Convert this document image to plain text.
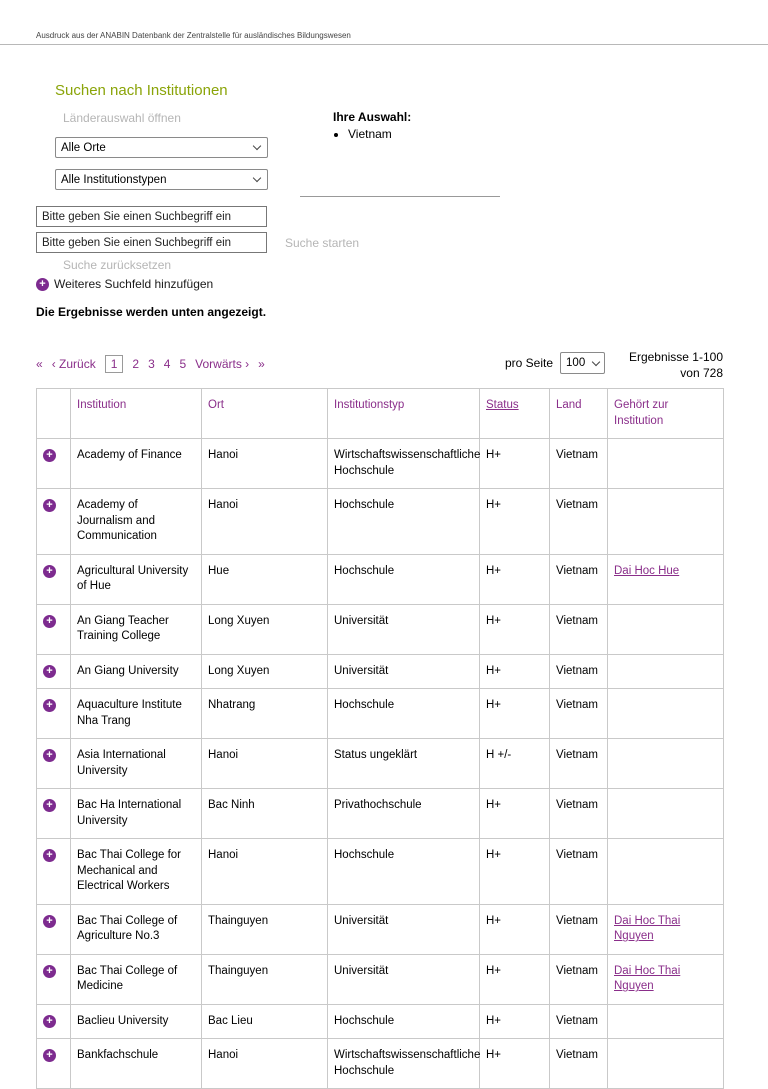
Ausdruck aus der ANABIN Datenbank der Zentralstelle für ausländisches Bildungswesen
Suchen nach Institutionen
Länderauswahl öffnen
Alle Orte
Alle Institutionstypen
Ihre Auswahl:
• Vietnam
Bitte geben Sie einen Suchbegriff ein
Bitte geben Sie einen Suchbegriff ein
Suche starten
Suche zurücksetzen
+ Weiteres Suchfeld hinzufügen
Die Ergebnisse werden unten angezeigt.
« ‹ Zurück	1	2 3 4 5 Vorwärts › »	pro Seite 100	Ergebnisse 1-100 von 728
	Institution	Ort	Institutionstyp	Status	Land	Gehört zur Institution
+	Academy of Finance	Hanoi	Wirtschaftswissenschaftliche Hochschule	H+	Vietnam	
+	Academy of Journalism and Communication	Hanoi	Hochschule	H+	Vietnam	
+	Agricultural University of Hue	Hue	Hochschule	H+	Vietnam	Dai Hoc Hue
+	An Giang Teacher Training College	Long Xuyen	Universität	H+	Vietnam	
+	An Giang University	Long Xuyen	Universität	H+	Vietnam	
+	Aquaculture Institute Nha Trang	Nhatrang	Hochschule	H+	Vietnam	
+	Asia International University	Hanoi	Status ungeklärt	H +/-	Vietnam	
+	Bac Ha International University	Bac Ninh	Privathochschule	H+	Vietnam	
+	Bac Thai College for Mechanical and Electrical Workers	Hanoi	Hochschule	H+	Vietnam	
+	Bac Thai College of Agriculture No.3	Thainguyen	Universität	H+	Vietnam	Dai Hoc Thai Nguyen
+	Bac Thai College of Medicine	Thainguyen	Universität	H+	Vietnam	Dai Hoc Thai Nguyen
+	Baclieu University	Bac Lieu	Hochschule	H+	Vietnam	
+	Bankfachschule	Hanoi	Wirtschaftswissenschaftliche Hochschule	H+	Vietnam	
